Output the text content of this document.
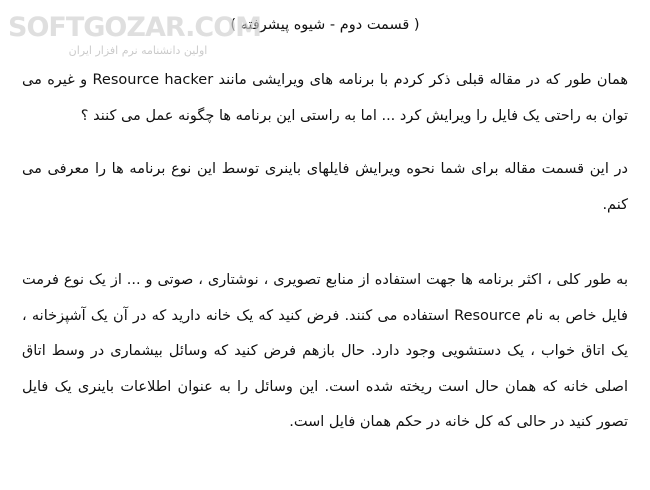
SOFTGOZAR.COM
اولین دانشنامه نرم افزار ایران
( قسمت دوم - شیوه پیشرفته )

همان طور که در مقاله قبلی ذکر کردم با برنامه های ویرایشی مانند Resource hacker و غیره می توان به راحتی یک فایل را ویرایش کرد ... اما به راستی این برنامه ها چگونه عمل می کنند ؟

در این قسمت مقاله برای شما نحوه ویرایش فایلهای باینری توسط این نوع برنامه ها را معرفی می کنم.

به طور کلی ، اکثر برنامه ها جهت استفاده از منابع تصویری ، نوشتاری ، صوتی و ... از یک نوع فرمت فایل خاص به نام Resource استفاده می کنند. فرض کنید که یک خانه دارید که در آن یک آشپزخانه ، یک اتاق خواب ، یک دستشویی وجود دارد. حال بازهم فرض کنید که وسائل بیشماری در وسط اتاق اصلی خانه که همان حال است ریخته شده است. این وسائل را به عنوان اطلاعات باینری یک فایل تصور کنید در حالی که کل خانه در حکم همان فایل است.
